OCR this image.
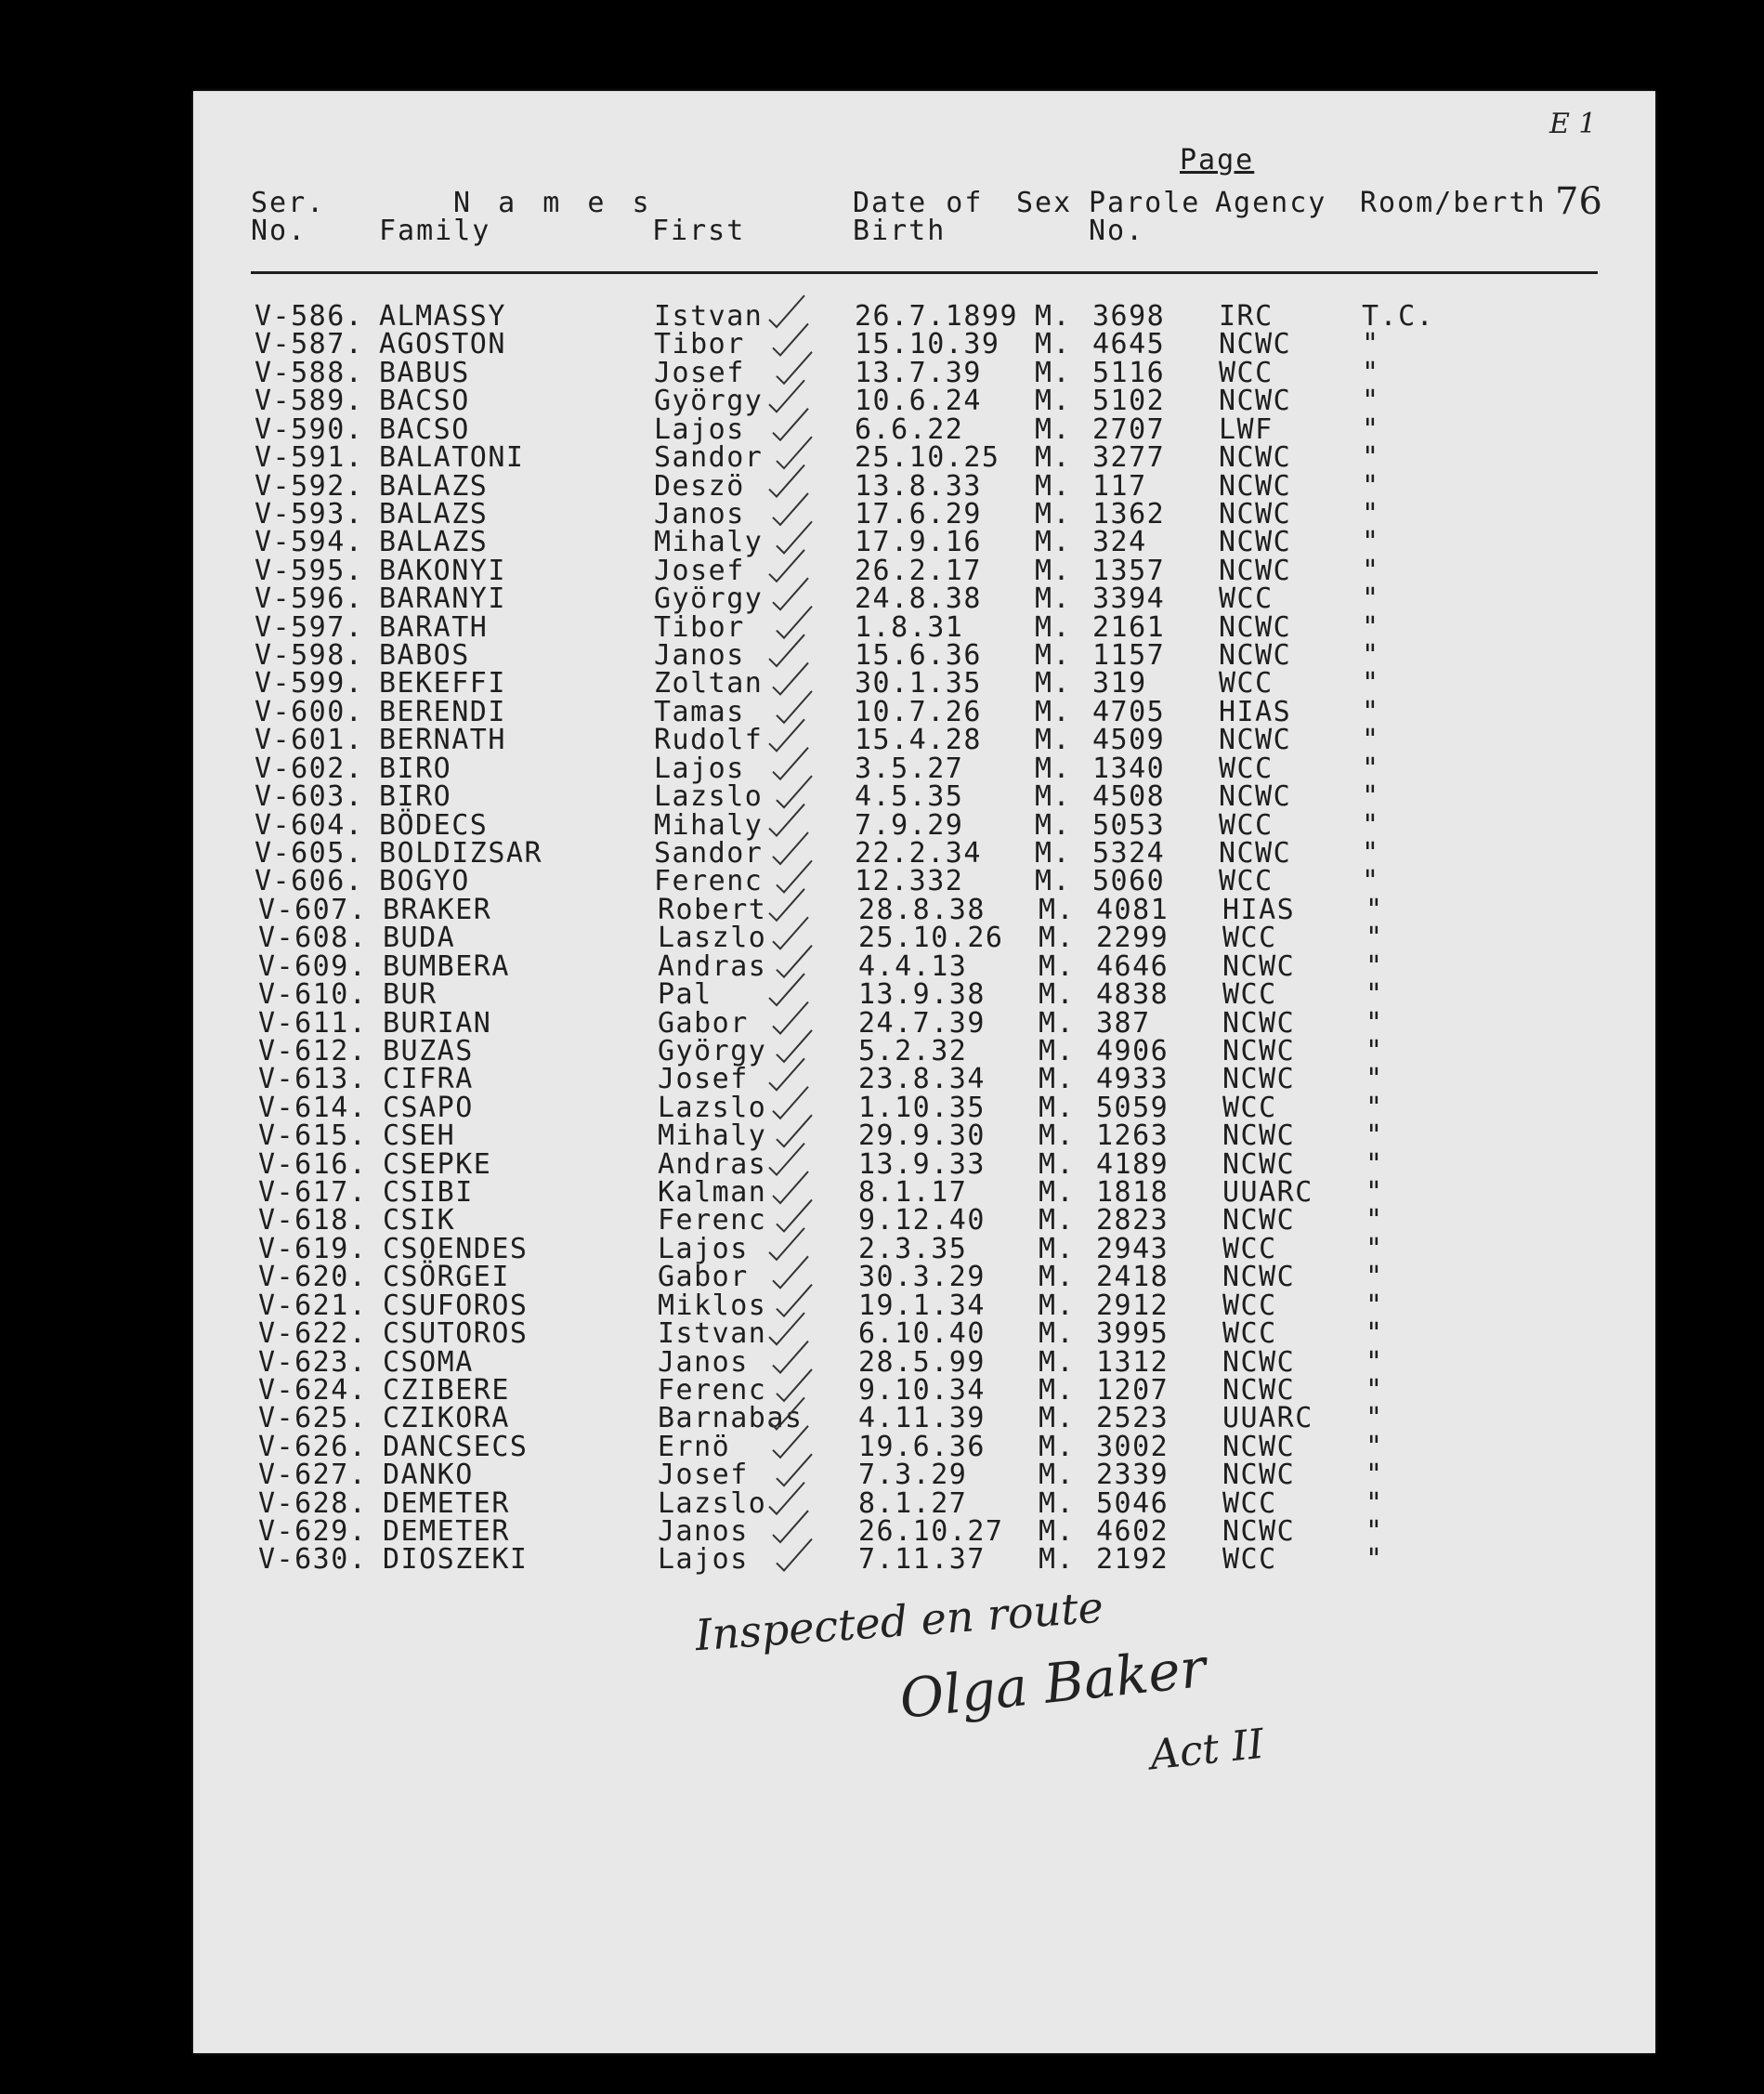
Page
76
E 1
Ser.
No.
N a m e s
Family	First
Date of
Birth
Sex Parole
No.
Agency Room/berth
V-586. ALMASSY	Istvan	26.7.1899 M. 3698 IRC	T.C.
V-587. AGOSTON	Tibor	15.10.39 M. 4645 NCWC	"
V-588. BABUS	Josef	13.7.39 M. 5116 WCC	"
V-589. BACSO	György	10.6.24 M. 5102 NCWC	"
V-590. BACSO	Lajos	6.6.22	M. 2707 LWF	"
V-591. BALATONI	Sandor	25.10.25 M. 3277 NCWC	"
V-592. BALAZS	Deszö	13.8.33 M. 117	NCWC	"
V-593. BALAZS	Janos	17.6.29 M. 1362 NCWC	"
V-594. BALAZS	Mihaly	17.9.16 M. 324	NCWC	"
V-595. BAKONYI	Josef	26.2.17 M. 1357 NCWC	"
V-596. BARANYI	György	24.8.38 M. 3394 WCC	"
V-597. BARATH	Tibor	1.8.31	M. 2161 NCWC	"
V-598. BABOS	Janos	15.6.36 M. 1157 NCWC	"
V-599. BEKEFFI	Zoltan	30.1.35 M. 319	WCC	"
V-600. BERENDI	Tamas	10.7.26 M. 4705 HIAS	"
V-601. BERNATH	Rudolf	15.4.28 M. 4509 NCWC	"
V-602. BIRO	Lajos	3.5.27	M. 1340 WCC	"
V-603. BIRO	Lazslo	4.5.35	M. 4508 NCWC	"
V-604. BÖDECS	Mihaly	7.9.29	M. 5053 WCC	"
V-605. BOLDIZSAR	Sandor	22.2.34 M. 5324 NCWC	"
V-606. BOGYO	Ferenc	12.332	M. 5060 WCC	"
V-607. BRAKER	Robert	28.8.38 M. 4081 HIAS	"
V-608. BUDA	Laszlo	25.10.26 M. 2299 WCC	"
V-609. BUMBERA	Andras	4.4.13	M. 4646 NCWC	"
V-610. BUR	Pal	13.9.38 M. 4838 WCC	"
V-611. BURIAN	Gabor	24.7.39 M. 387	NCWC	"
V-612. BUZAS	György	5.2.32	M. 4906 NCWC	"
V-613. CIFRA	Josef	23.8.34 M. 4933 NCWC	"
V-614. CSAPO	Lazslo	1.10.35 M. 5059 WCC	"
V-615. CSEH	Mihaly	29.9.30 M. 1263 NCWC	"
V-616. CSEPKE	Andras	13.9.33 M. 4189 NCWC	"
V-617. CSIBI	Kalman	8.1.17	M. 1818 UUARC "
V-618. CSIK	Ferenc	9.12.40 M. 2823 NCWC	"
V-619. CSOENDES	Lajos	2.3.35	M. 2943 WCC	"
V-620. CSÖRGEI	Gabor	30.3.29 M. 2418 NCWC	"
V-621. CSUFOROS	Miklos	19.1.34 M. 2912 WCC	"
V-622. CSUTOROS	Istvan	6.10.40 M. 3995 WCC	"
V-623. CSOMA	Janos	28.5.99 M. 1312 NCWC	"
V-624. CZIBERE	Ferenc	9.10.34 M. 1207 NCWC	"
V-625. CZIKORA	Barnabas 4.11.39 M. 2523 UUARC "
V-626. DANCSECS	Ernö	19.6.36 M. 3002 NCWC	"
V-627. DANKO	Josef	7.3.29	M. 2339 NCWC	"
V-628. DEMETER	Lazslo	8.1.27	M. 5046 WCC	"
V-629. DEMETER	Janos	26.10.27 M. 4602 NCWC	"
V-630. DIOSZEKI	Lajos	7.11.37 M. 2192 WCC	"
Inspected en route
Olga Baker
Act II
